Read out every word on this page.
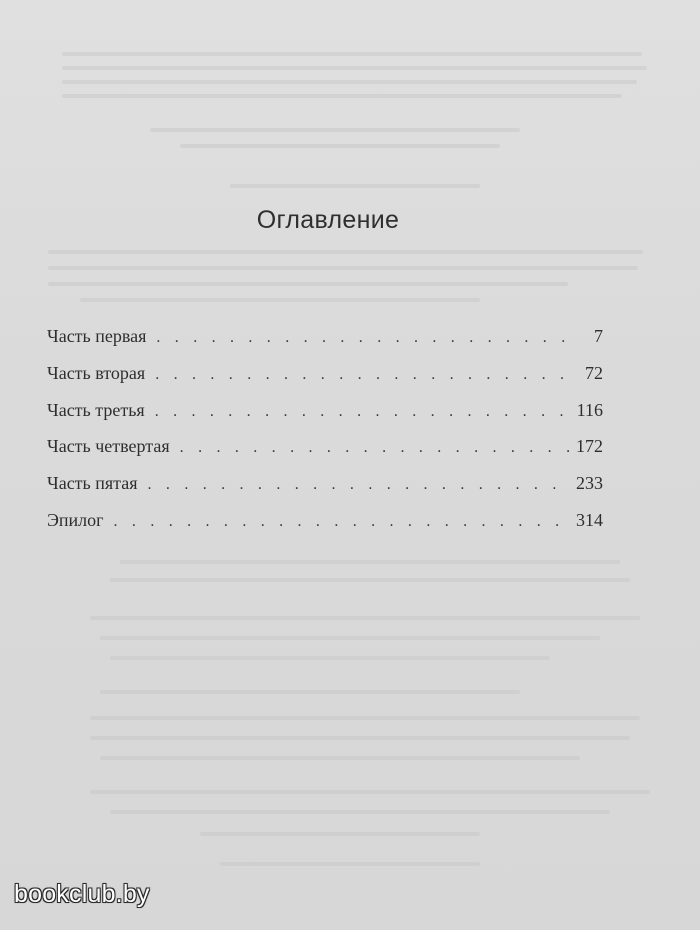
Оглавление
Часть первая . . .	7
Часть вторая . . .	72
Часть третья . . .	116
Часть четвертая . . .	172
Часть пятая . . .	233
Эпилог . . .	314
bookclub.by
